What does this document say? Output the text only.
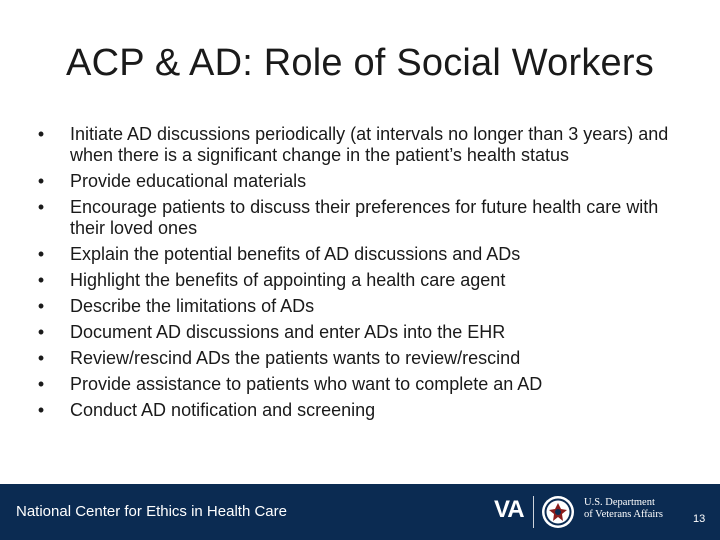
ACP & AD: Role of Social Workers
• Initiate AD discussions periodically (at intervals no longer than 3 years) and when there is a significant change in the patient’s health status
• Provide educational materials
• Encourage patients to discuss their preferences for future health care with their loved ones
• Explain the potential benefits of AD discussions and ADs
• Highlight the benefits of appointing a health care agent
• Describe the limitations of ADs
• Document AD discussions and enter ADs into the EHR
• Review/rescind ADs the patients wants to review/rescind
• Provide assistance to patients who want to complete an AD
• Conduct AD notification and screening
National Center for Ethics in Health Care	VA	U.S. Department
of Veterans Affairs	13
